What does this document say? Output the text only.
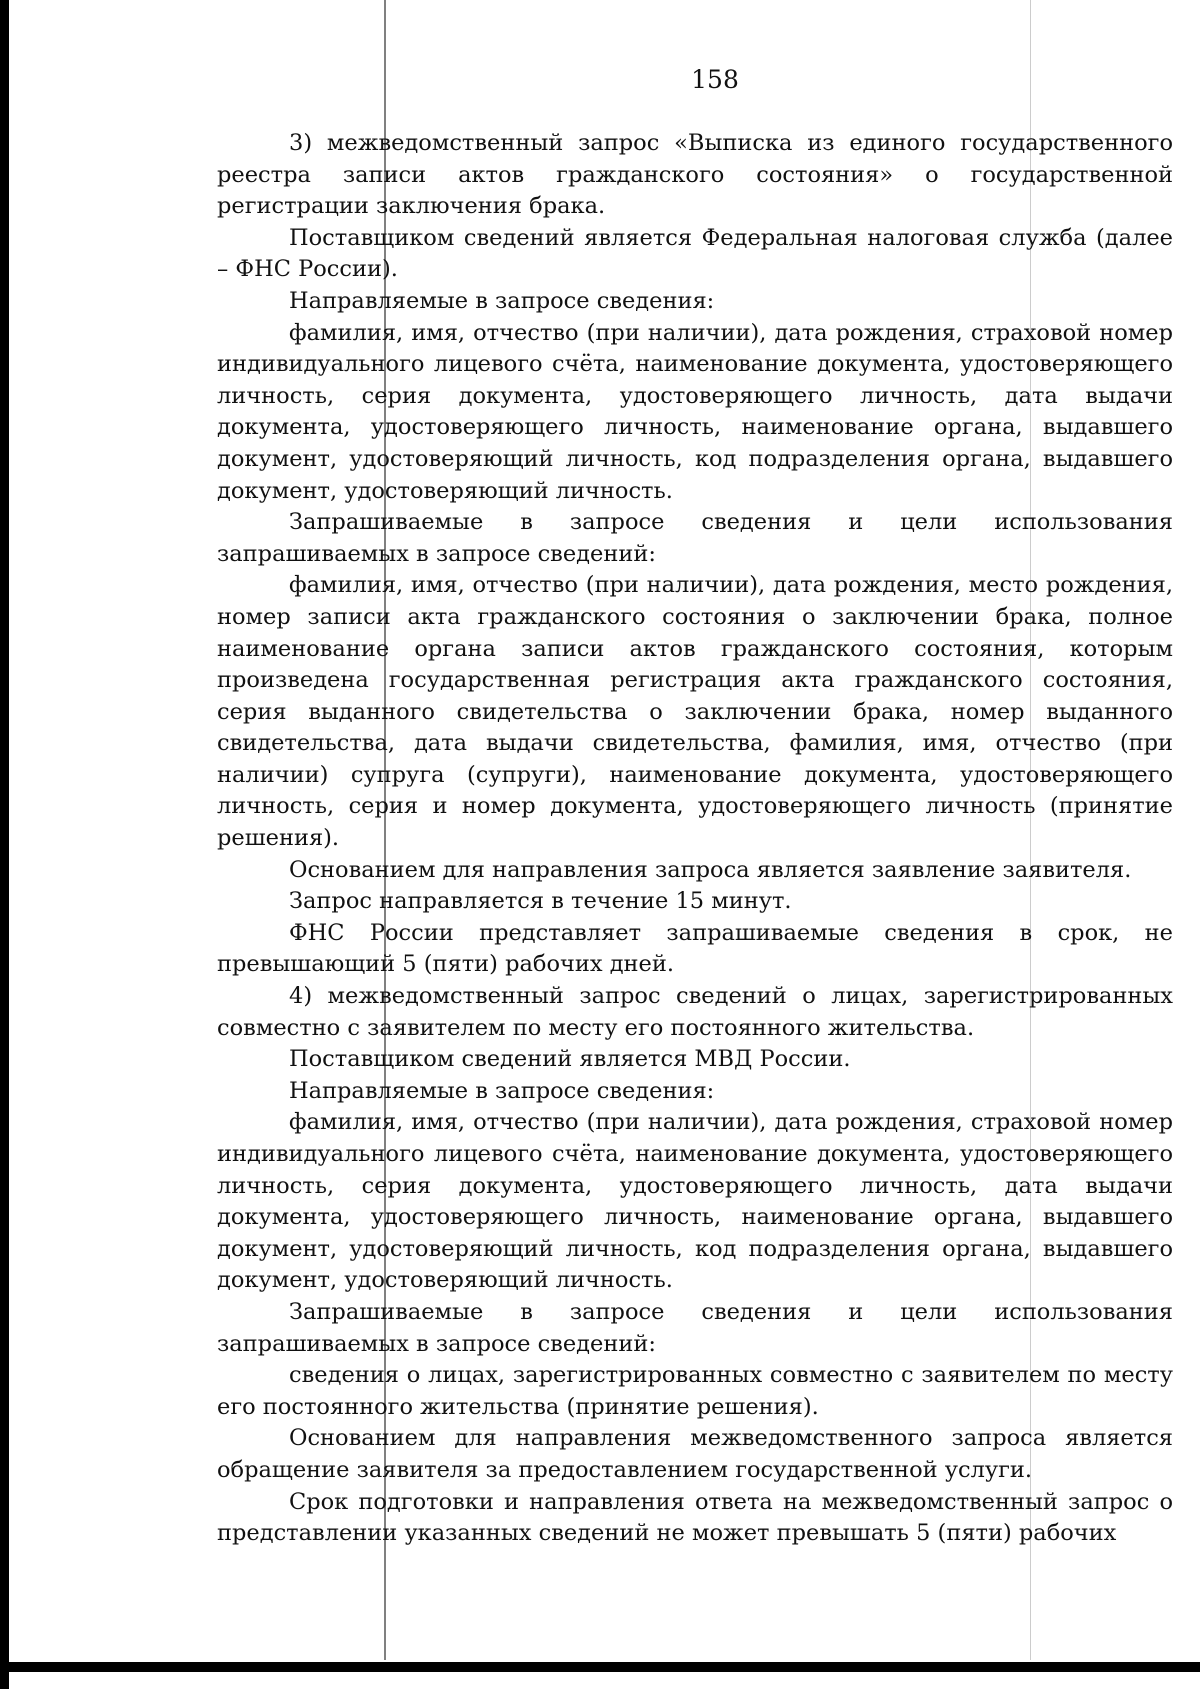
158

3) межведомственный запрос «Выписка из единого государственного реестра записи актов гражданского состояния» о государственной регистрации заключения брака.

Поставщиком сведений является Федеральная налоговая служба (далее – ФНС России).

Направляемые в запросе сведения:

фамилия, имя, отчество (при наличии), дата рождения, страховой номер индивидуального лицевого счёта, наименование документа, удостоверяющего личность, серия документа, удостоверяющего личность, дата выдачи документа, удостоверяющего личность, наименование органа, выдавшего документ, удостоверяющий личность, код подразделения органа, выдавшего документ, удостоверяющий личность.

Запрашиваемые в запросе сведения и цели использования запрашиваемых в запросе сведений:

фамилия, имя, отчество (при наличии), дата рождения, место рождения, номер записи акта гражданского состояния о заключении брака, полное наименование органа записи актов гражданского состояния, которым произведена государственная регистрация акта гражданского состояния, серия выданного свидетельства о заключении брака, номер выданного свидетельства, дата выдачи свидетельства, фамилия, имя, отчество (при наличии) супруга (супруги), наименование документа, удостоверяющего личность, серия и номер документа, удостоверяющего личность (принятие решения).

Основанием для направления запроса является заявление заявителя.

Запрос направляется в течение 15 минут.

ФНС России представляет запрашиваемые сведения в срок, не превышающий 5 (пяти) рабочих дней.

4) межведомственный запрос сведений о лицах, зарегистрированных совместно с заявителем по месту его постоянного жительства.

Поставщиком сведений является МВД России.

Направляемые в запросе сведения:

фамилия, имя, отчество (при наличии), дата рождения, страховой номер индивидуального лицевого счёта, наименование документа, удостоверяющего личность, серия документа, удостоверяющего личность, дата выдачи документа, удостоверяющего личность, наименование органа, выдавшего документ, удостоверяющий личность, код подразделения органа, выдавшего документ, удостоверяющий личность.

Запрашиваемые в запросе сведения и цели использования запрашиваемых в запросе сведений:

сведения о лицах, зарегистрированных совместно с заявителем по месту его постоянного жительства (принятие решения).

Основанием для направления межведомственного запроса является обращение заявителя за предоставлением государственной услуги.

Срок подготовки и направления ответа на межведомственный запрос о представлении указанных сведений не может превышать 5 (пяти) рабочих
